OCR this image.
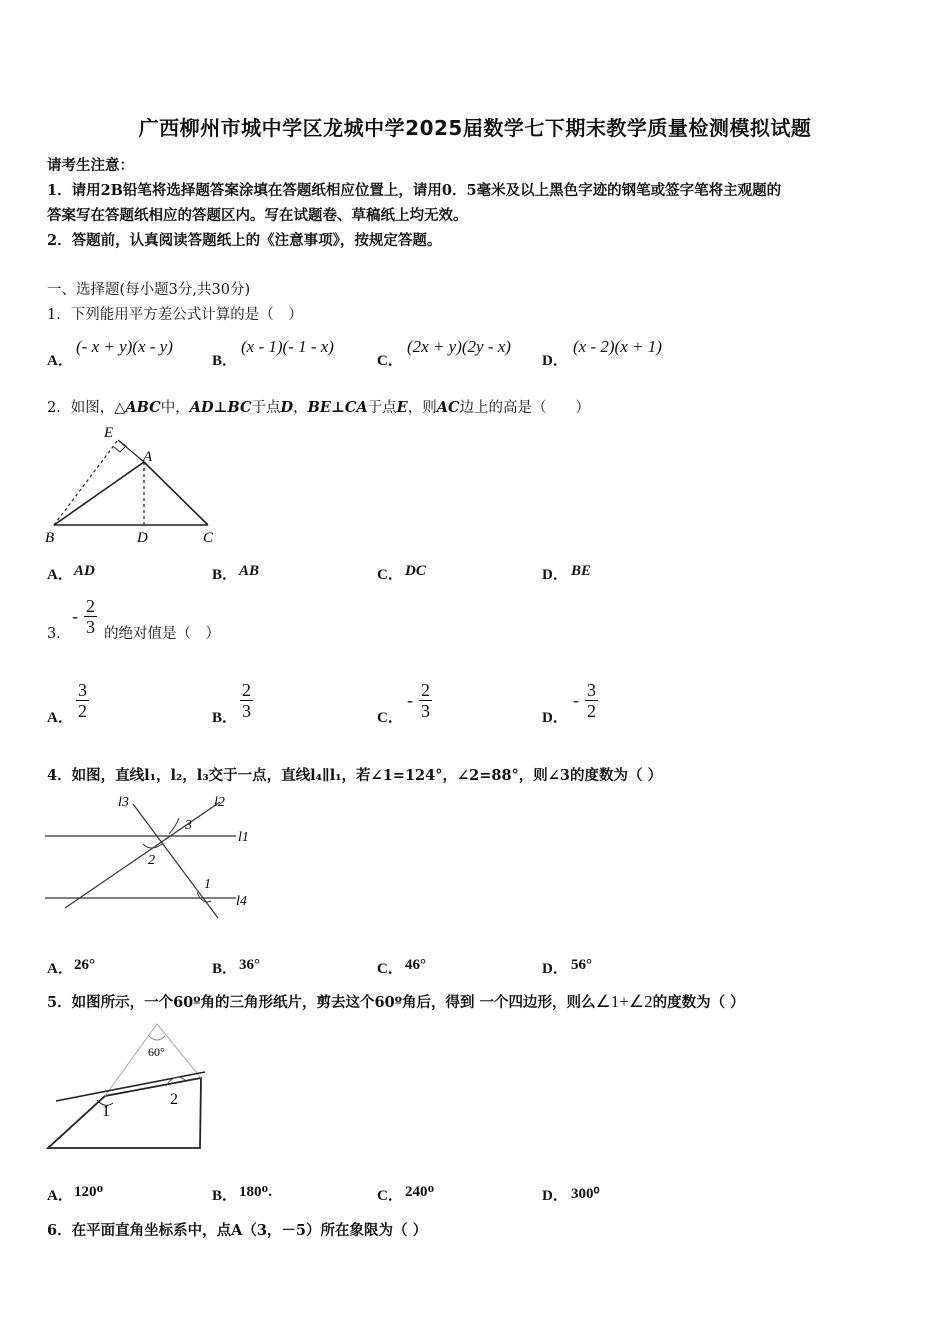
广西柳州市城中学区龙城中学2025届数学七下期末教学质量检测模拟试题
请考生注意：
1．请用2B铅笔将选择题答案涂填在答题纸相应位置上，请用0．5毫米及以上黑色字迹的钢笔或签字笔将主观题的
答案写在答题纸相应的答题区内。写在试题卷、草稿纸上均无效。
2．答题前，认真阅读答题纸上的《注意事项》，按规定答题。
一、选择题(每小题3分,共30分)
1．下列能用平方差公式计算的是（　）
A．
(- x + y)(x - y)
B．
(x - 1)(- 1 - x)
C．
(2x + y)(2y - x)
D．
(x - 2)(x + 1)
2．如图，△ABC中，AD⊥BC于点D，BE⊥CA于点E，则AC边上的高是（　　）
E
A
B	D	C
A． AD	B． AB	C． DC	D． BE
3．
- $\frac{2}{3}$ 的绝对值是（　）
A． $\frac{3}{2}$	B． $\frac{2}{3}$	C．
- $\frac{2}{3}$	D．
- $\frac{3}{2}$
4．如图，直线l₁，l₂，l₃交于一点，直线l₄∥l₁，若∠1=124°，∠2=88°，则∠3的度数为（ ）
l3	l2
l1
l4
3
2
1
A． 26°	B． 36°	C． 46°	D． 56°
5．如图所示，一个60º角的三角形纸片，剪去这个60º角后，得到 一个四边形，则么∠1+∠2的度数为（ ）
60°
1
2
A． 120ᴼ	B． 180ᴼ.	C． 240ᴼ	D． 300⁰
6．在平面直角坐标系中，点A（3，－5）所在象限为（ ）
